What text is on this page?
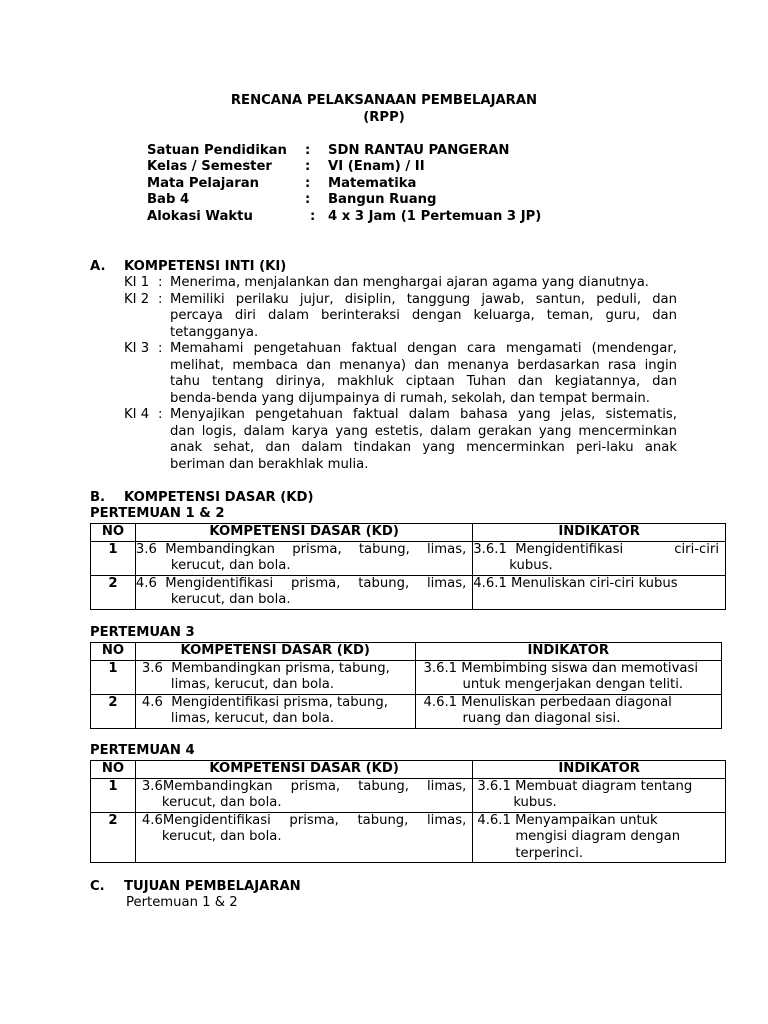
RENCANA PELAKSANAAN PEMBELAJARAN
(RPP)
Satuan Pendidikan : SDN RANTAU PANGERAN
Kelas / Semester	: VI (Enam) / II
Mata Pelajaran	: Matematika
Bab 4	: Bangun Ruang
Alokasi Waktu	: 4 x 3 Jam (1 Pertemuan 3 JP)
A. KOMPETENSI INTI (KI)
KI 1 : Menerima, menjalankan dan menghargai ajaran agama yang dianutnya.
KI 2 : Memiliki perilaku jujur, disiplin, tanggung jawab, santun, peduli, dan
percaya diri dalam berinteraksi dengan keluarga, teman, guru, dan
tetangganya.
KI 3 : Memahami pengetahuan faktual dengan cara mengamati (mendengar,
melihat, membaca dan menanya) dan menanya berdasarkan rasa ingin
tahu tentang dirinya, makhluk ciptaan Tuhan dan kegiatannya, dan
benda-benda yang dijumpainya di rumah, sekolah, dan tempat bermain.
KI 4 : Menyajikan pengetahuan faktual dalam bahasa yang jelas, sistematis,
dan logis, dalam karya yang estetis, dalam gerakan yang mencerminkan
anak sehat, dan dalam tindakan yang mencerminkan peri-laku anak
beriman dan berakhlak mulia.
B. KOMPETENSI DASAR (KD)
PERTEMUAN 1 & 2
NO	KOMPETENSI DASAR (KD)	INDIKATOR
1	3.6 Membandingkan prisma, tabung, limas,
kerucut, dan bola.	3.6.1 Mengidentifikasi ciri-ciri
kubus.

2	4.6 Mengidentifikasi prisma, tabung, limas,
kerucut, dan bola.	4.6.1 Menuliskan ciri-ciri kubus
PERTEMUAN 3
NO	KOMPETENSI DASAR (KD)	INDIKATOR
1	3.6  Membandingkan prisma, tabung,
limas, kerucut, dan bola.	3.6.1 Membimbing siswa dan memotivasi
untuk mengerjakan dengan teliti.

2	4.6  Mengidentifikasi prisma, tabung,
limas, kerucut, dan bola.	4.6.1 Menuliskan perbedaan diagonal
ruang dan diagonal sisi.
PERTEMUAN 4
NO	KOMPETENSI DASAR (KD)	INDIKATOR
1	3.6 Membandingkan prisma, tabung, limas,
kerucut, dan bola.	3.6.1 Membuat diagram tentang
kubus.

2	4.6 Mengidentifikasi prisma, tabung, limas,
kerucut, dan bola.	4.6.1 Menyampaikan untuk
mengisi diagram dengan
terperinci.
C. TUJUAN PEMBELAJARAN
Pertemuan 1 & 2
